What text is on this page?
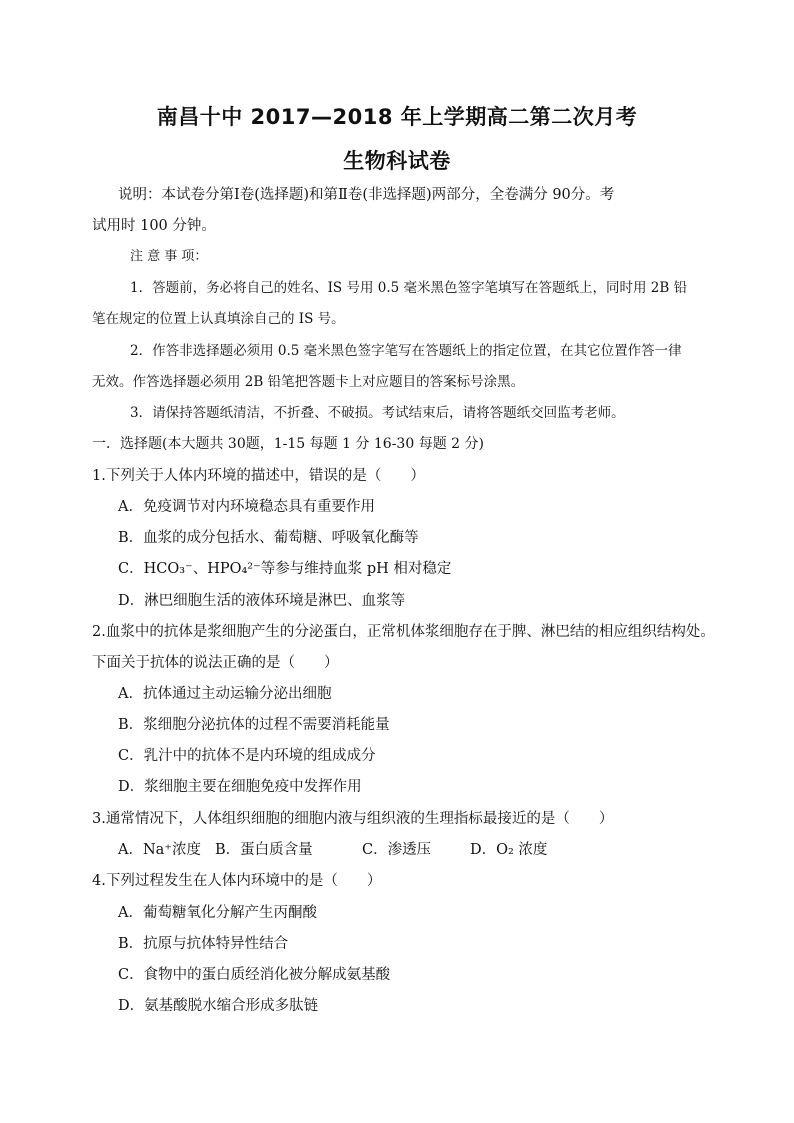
南昌十中 2017—2018 年上学期高二第二次月考
生物科试卷
说明：本试卷分第Ⅰ卷(选择题)和第Ⅱ卷(非选择题)两部分，全卷满分 90分。考
试用时 100 分钟。
注 意 事 项：
1．答题前，务必将自己的姓名、IS 号用 0.5 毫米黑色签字笔填写在答题纸上，同时用 2B 铅
笔在规定的位置上认真填涂自己的 IS 号。
2．作答非选择题必须用 0.5 毫米黑色签字笔写在答题纸上的指定位置，在其它位置作答一律
无效。作答选择题必须用 2B 铅笔把答题卡上对应题目的答案标号涂黑。
3．请保持答题纸清洁，不折叠、不破损。考试结束后，请将答题纸交回监考老师。
一．选择题(本大题共 30题，1-15 每题 1 分 16-30 每题 2 分)
1.下列关于人体内环境的描述中，错误的是（　　）
A．免疫调节对内环境稳态具有重要作用
B．血浆的成分包括水、葡萄糖、呼吸氧化酶等
C．HCO₃⁻、HPO₄²⁻等参与维持血浆 pH 相对稳定
D．淋巴细胞生活的液体环境是淋巴、血浆等
2.血浆中的抗体是浆细胞产生的分泌蛋白，正常机体浆细胞存在于脾、淋巴结的相应组织结构处。
下面关于抗体的说法正确的是（　　）
A．抗体通过主动运输分泌出细胞
B．浆细胞分泌抗体的过程不需要消耗能量
C．乳汁中的抗体不是内环境的组成成分
D．浆细胞主要在细胞免疫中发挥作用
3.通常情况下，人体组织细胞的细胞内液与组织液的生理指标最接近的是（　　）
A．Na⁺浓度 B．蛋白质含量	C．渗透压	D．O₂ 浓度
4.下列过程发生在人体内环境中的是（　　）
A．葡萄糖氧化分解产生丙酮酸
B．抗原与抗体特异性结合
C．食物中的蛋白质经消化被分解成氨基酸
D．氨基酸脱水缩合形成多肽链
